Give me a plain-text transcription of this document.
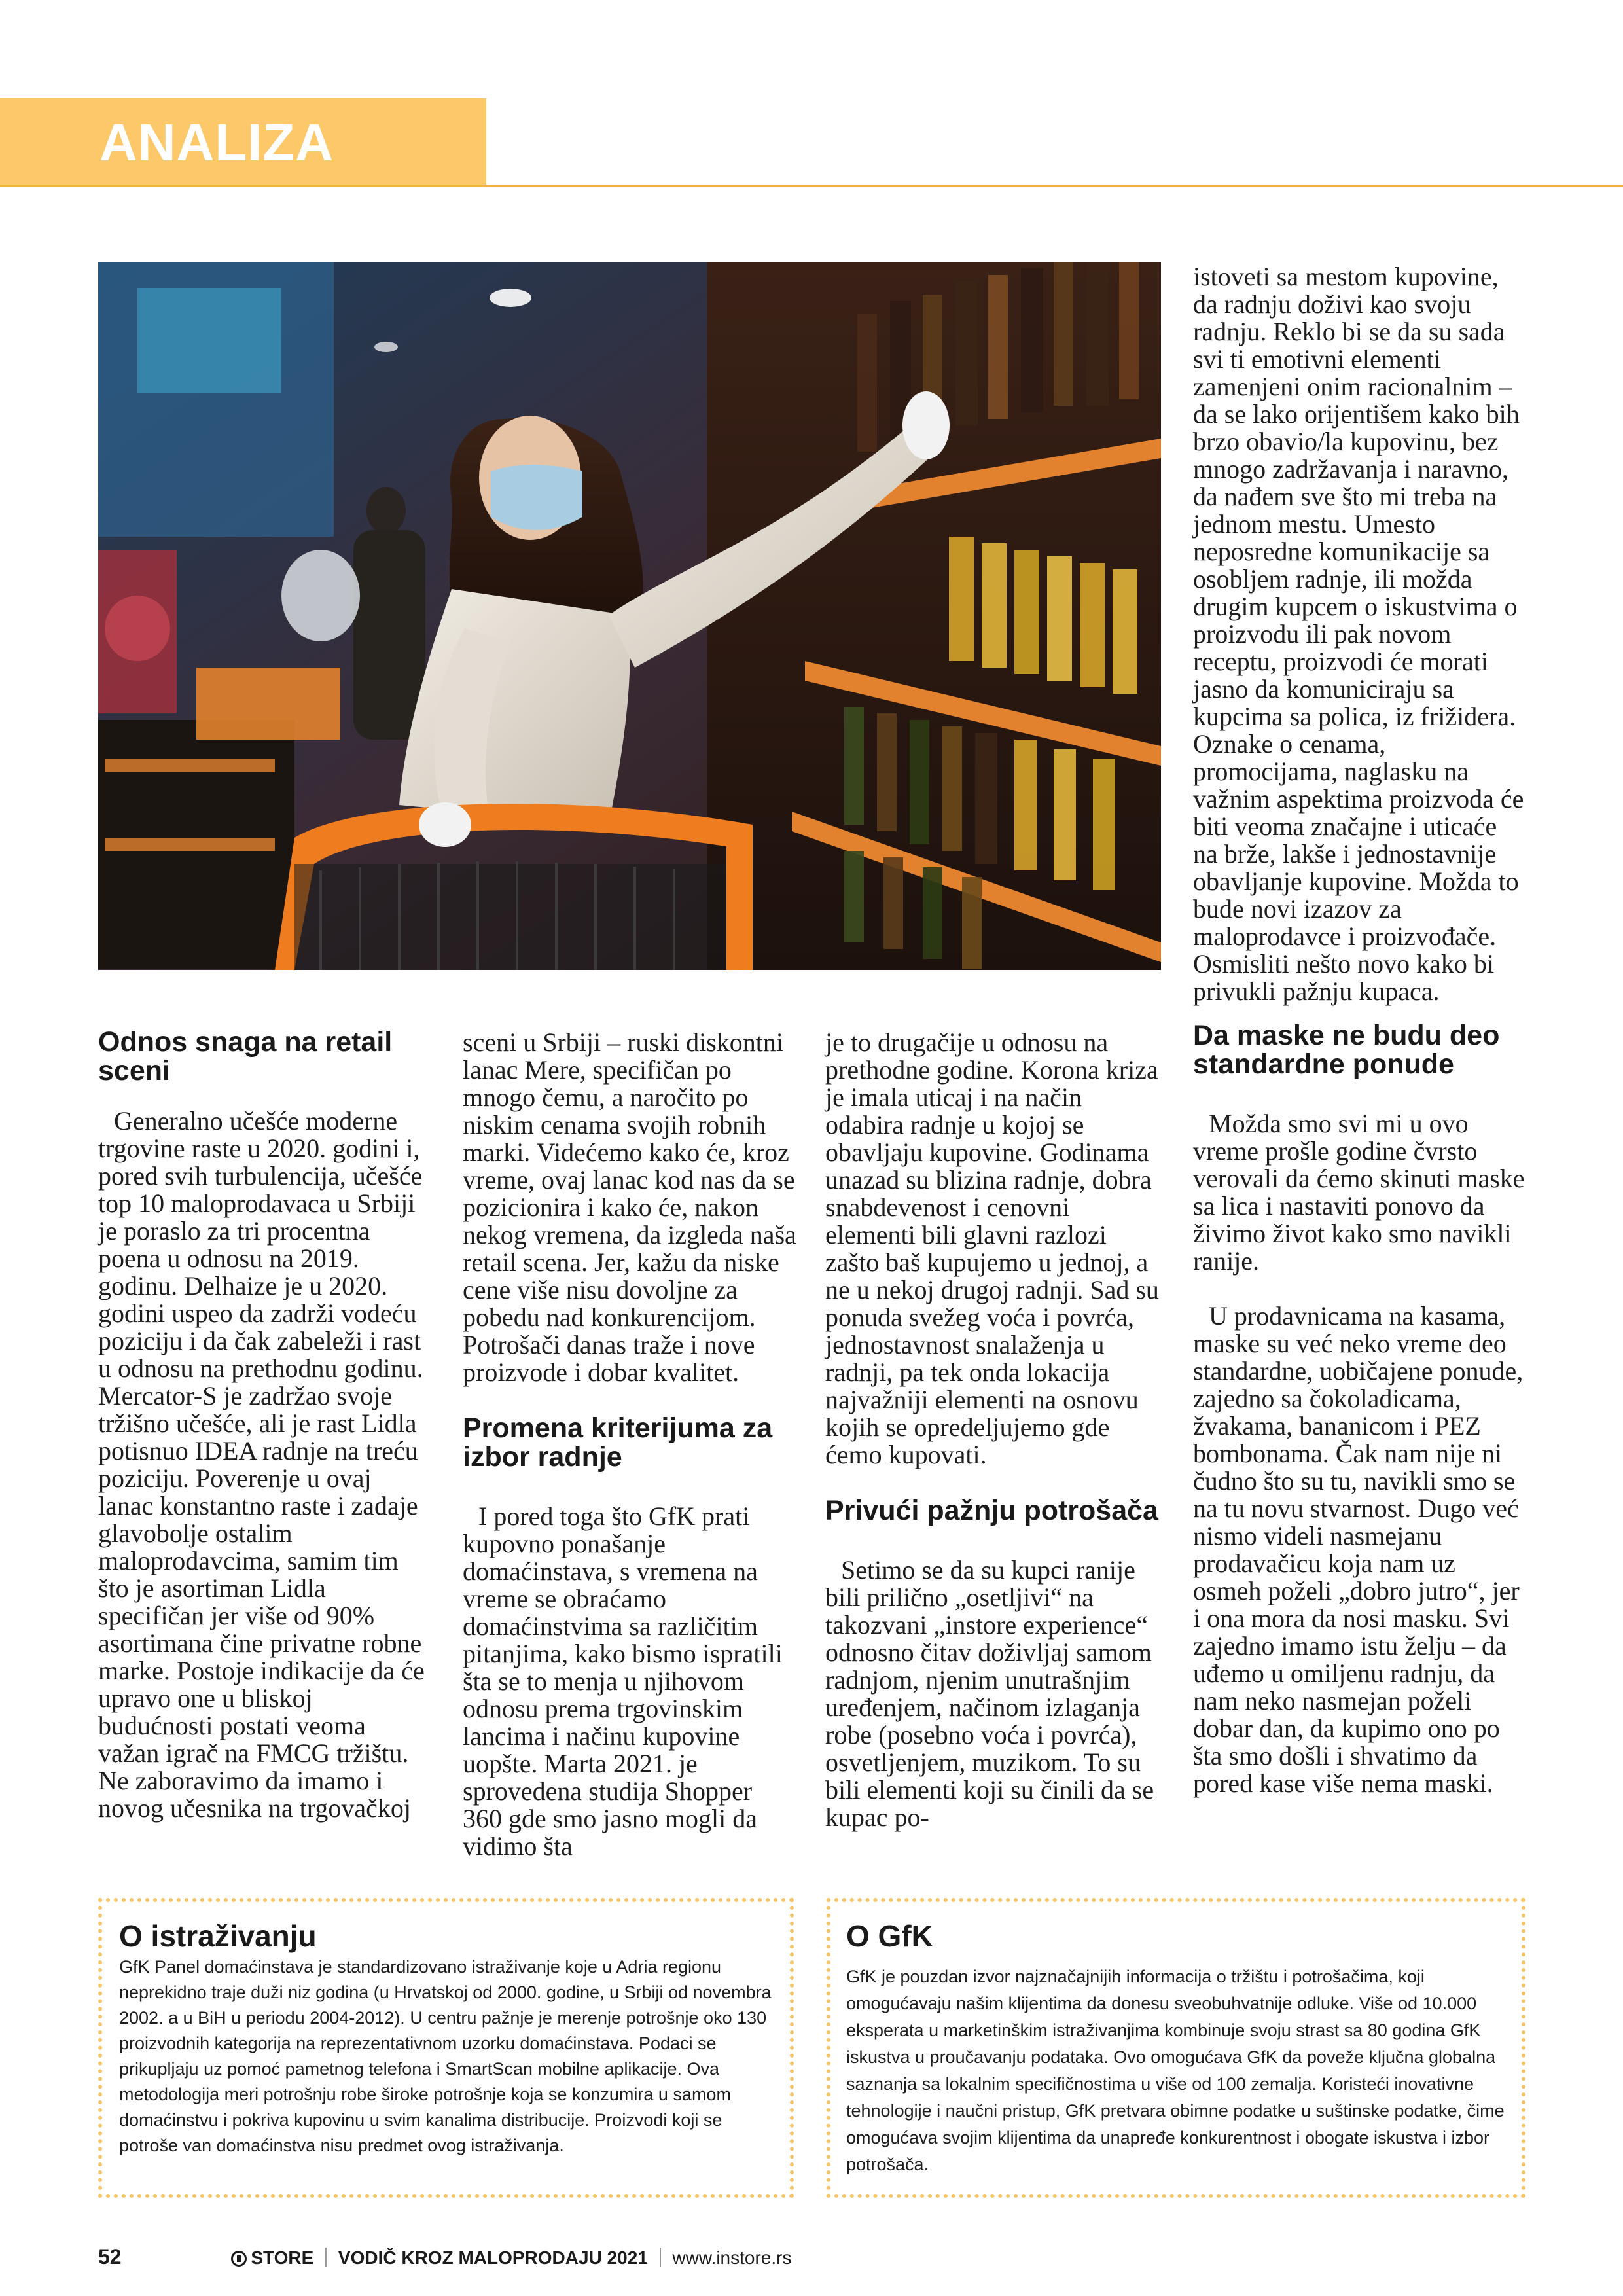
ANALIZA
Odnos snaga na retail sceni

Generalno učešće moderne trgovine raste u 2020. godini i, pored svih turbulencija, učešće top 10 maloprodavaca u Srbiji je poraslo za tri procentna poena u odnosu na 2019. godinu. Delhaize je u 2020. godini uspeo da zadrži vodeću poziciju i da čak zabeleži i rast u odnosu na prethodnu godinu. Mercator-S je zadržao svoje tržišno učešće, ali je rast Lidla potisnuo IDEA radnje na treću poziciju. Poverenje u ovaj lanac konstantno raste i zadaje glavobolje ostalim maloprodavcima, samim tim što je asortiman Lidla specifičan jer više od 90% asortimana čine privatne robne marke. Postoje indikacije da će upravo one u bliskoj budućnosti postati veoma važan igrač na FMCG tržištu. Ne zaboravimo da imamo i novog učesnika na trgovačkoj

sceni u Srbiji – ruski diskontni lanac Mere, specifičan po mnogo čemu, a naročito po niskim cenama svojih robnih marki. Videćemo kako će, kroz vreme, ovaj lanac kod nas da se pozicionira i kako će, nakon nekog vremena, da izgleda naša retail scena. Jer, kažu da niske cene više nisu dovoljne za pobedu nad konkurencijom. Potrošači danas traže i nove proizvode i dobar kvalitet.

Promena kriterijuma za izbor radnje

I pored toga što GfK prati kupovno ponašanje domaćinstava, s vremena na vreme se obraćamo domaćinstvima sa različitim pitanjima, kako bismo ispratili šta se to menja u njihovom odnosu prema trgovinskim lancima i načinu kupovine uopšte. Marta 2021. je sprovedena studija Shopper 360 gde smo jasno mogli da vidimo šta

je to drugačije u odnosu na prethodne godine. Korona kriza je imala uticaj i na način odabira radnje u kojoj se obavljaju kupovine. Godinama unazad su blizina radnje, dobra snabdevenost i cenovni elementi bili glavni razlozi zašto baš kupujemo u jednoj, a ne u nekoj drugoj radnji. Sad su ponuda svežeg voća i povrća, jednostavnost snalaženja u radnji, pa tek onda lokacija najvažniji elementi na osnovu kojih se opredeljujemo gde ćemo kupovati.

Privući pažnju potrošača

Setimo se da su kupci ranije bili prilično „osetljivi“ na takozvani „instore experience“ odnosno čitav doživljaj samom radnjom, njenim unutrašnjim uređenjem, načinom izlaganja robe (posebno voća i povrća), osvetljenjem, muzikom. To su bili elementi koji su činili da se kupac po-

istoveti sa mestom kupovine, da radnju doživi kao svoju radnju. Reklo bi se da su sada svi ti emotivni elementi zamenjeni onim racionalnim – da se lako orijentišem kako bih brzo obavio/la kupovinu, bez mnogo zadržavanja i naravno, da nađem sve što mi treba na jednom mestu. Umesto neposredne komunikacije sa osobljem radnje, ili možda drugim kupcem o iskustvima o proizvodu ili pak novom receptu, proizvodi će morati jasno da komuniciraju sa kupcima sa polica, iz frižidera. Oznake o cenama, promocijama, naglasku na važnim aspektima proizvoda će biti veoma značajne i uticaće na brže, lakše i jednostavnije obavljanje kupovine. Možda to bude novi izazov za maloprodavce i proizvođače. Osmisliti nešto novo kako bi privukli pažnju kupaca.

Da maske ne budu deo standardne ponude

Možda smo svi mi u ovo vreme prošle godine čvrsto verovali da ćemo skinuti maske sa lica i nastaviti ponovo da živimo život kako smo navikli ranije.

U prodavnicama na kasama, maske su već neko vreme deo standardne, uobičajene ponude, zajedno sa čokoladicama, žvakama, bananicom i PEZ bombonama. Čak nam nije ni čudno što su tu, navikli smo se na tu novu stvarnost. Dugo već nismo videli nasmejanu prodavačicu koja nam uz osmeh poželi „dobro jutro“, jer i ona mora da nosi masku. Svi zajedno imamo istu želju – da uđemo u omiljenu radnju, da nam neko nasmejan poželi dobar dan, da kupimo ono po šta smo došli i shvatimo da pored kase više nema maski.

O istraživanju

GfK Panel domaćinstava je standardizovano istraživanje koje u Adria regionu neprekidno traje duži niz godina (u Hrvatskoj od 2000. godine, u Srbiji od novembra 2002. a u BiH u periodu 2004-2012). U centru pažnje je merenje potrošnje oko 130 proizvodnih kategorija na reprezentativnom uzorku domaćinstava. Podaci se prikupljaju uz pomoć pametnog telefona i SmartScan mobilne aplikacije. Ova metodologija meri potrošnju robe široke potrošnje koja se konzumira u samom domaćinstvu i pokriva kupovinu u svim kanalima distribucije. Proizvodi koji se potroše van domaćinstva nisu predmet ovog istraživanja.

O GfK

GfK je pouzdan izvor najznačajnijih informacija o tržištu i potrošačima, koji omogućavaju našim klijentima da donesu sveobuhvatnije odluke. Više od 10.000 eksperata u marketinškim istraživanjima kombinuje svoju strast sa 80 godina GfK iskustva u proučavanju podataka. Ovo omogućava GfK da poveže ključna globalna saznanja sa lokalnim specifičnostima u više od 100 zemalja. Koristeći inovativne tehnologije i naučni pristup, GfK pretvara obimne podatke u suštinske podatke, čime omogućava svojim klijentima da unapređe konkurentnost i obogate iskustva i izbor potrošača.

52	STORE VODIČ KROZ MALOPRODAJU 2021 www.instore.rs
